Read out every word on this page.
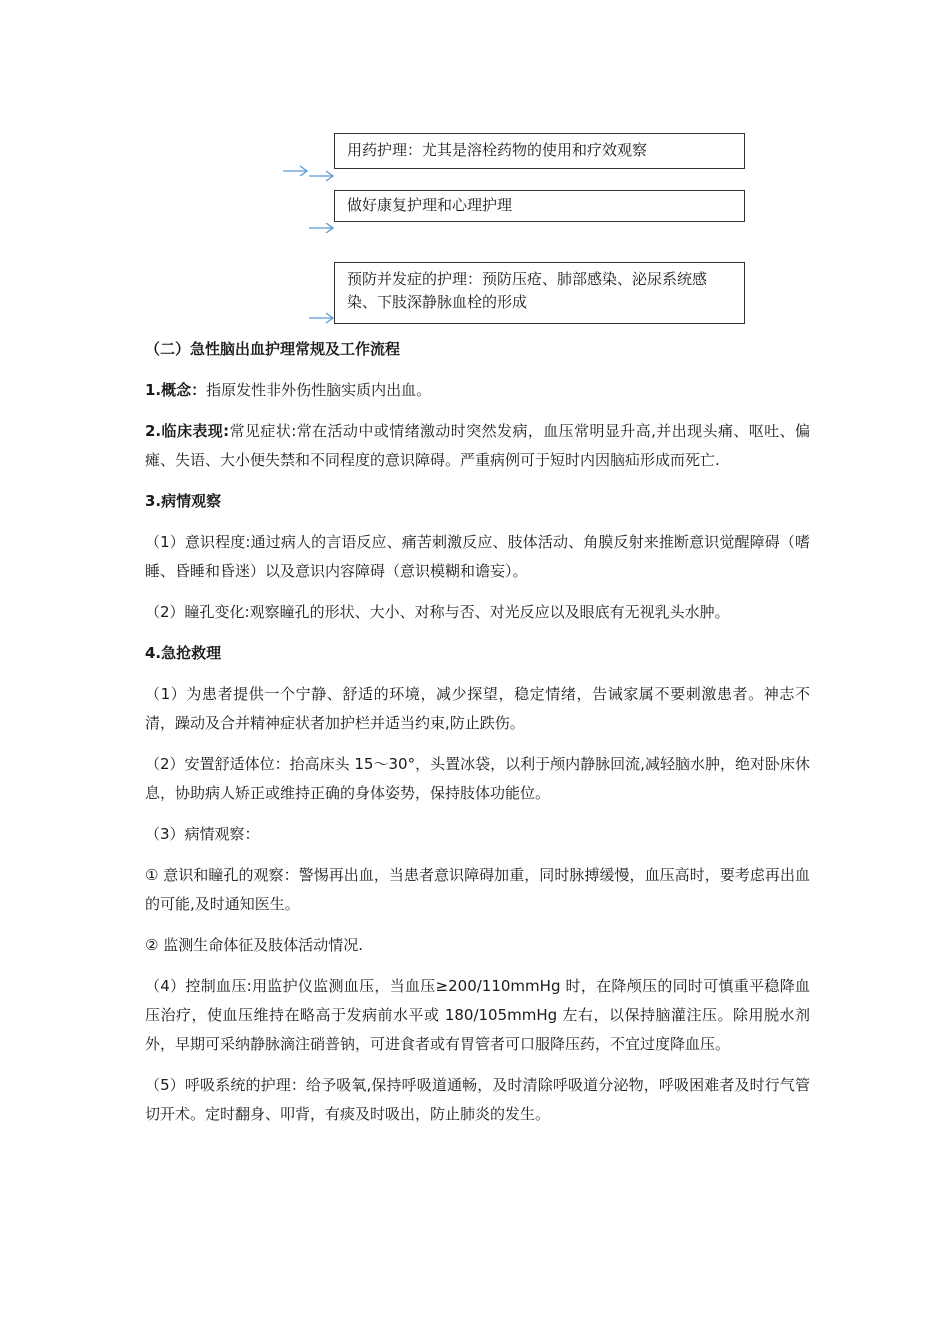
用药护理：尤其是溶栓药物的使用和疗效观察
做好康复护理和心理护理
预防并发症的护理：预防压疮、肺部感染、泌尿系统感染、下肢深静脉血栓的形成

（二）急性脑出血护理常规及工作流程

1.概念：指原发性非外伤性脑实质内出血。

2.临床表现:常见症状:常在活动中或情绪激动时突然发病，血压常明显升高,并出现头痛、呕吐、偏瘫、失语、大小便失禁和不同程度的意识障碍。严重病例可于短时内因脑疝形成而死亡.

3.病情观察

（1）意识程度:通过病人的言语反应、痛苦刺激反应、肢体活动、角膜反射来推断意识觉醒障碍（嗜睡、昏睡和昏迷）以及意识内容障碍（意识模糊和谵妄）。

（2）瞳孔变化:观察瞳孔的形状、大小、对称与否、对光反应以及眼底有无视乳头水肿。

4.急抢救理

（1）为患者提供一个宁静、舒适的环境，减少探望，稳定情绪，告诫家属不要刺激患者。神志不清，躁动及合并精神症状者加护栏并适当约束,防止跌伤。

（2）安置舒适体位：抬高床头 15～30°，头置冰袋，以利于颅内静脉回流,减轻脑水肿，绝对卧床休息，协助病人矫正或维持正确的身体姿势，保持肢体功能位。

（3）病情观察：

① 意识和瞳孔的观察：警惕再出血，当患者意识障碍加重，同时脉搏缓慢，血压高时，要考虑再出血的可能,及时通知医生。

② 监测生命体征及肢体活动情况.

（4）控制血压:用监护仪监测血压，当血压≥200/110mmHg 时，在降颅压的同时可慎重平稳降血压治疗，使血压维持在略高于发病前水平或 180/105mmHg 左右，以保持脑灌注压。除用脱水剂外，早期可采纳静脉滴注硝普钠，可进食者或有胃管者可口服降压药，不宜过度降血压。

（5）呼吸系统的护理：给予吸氧,保持呼吸道通畅，及时清除呼吸道分泌物，呼吸困难者及时行气管切开术。定时翻身、叩背，有痰及时吸出，防止肺炎的发生。
